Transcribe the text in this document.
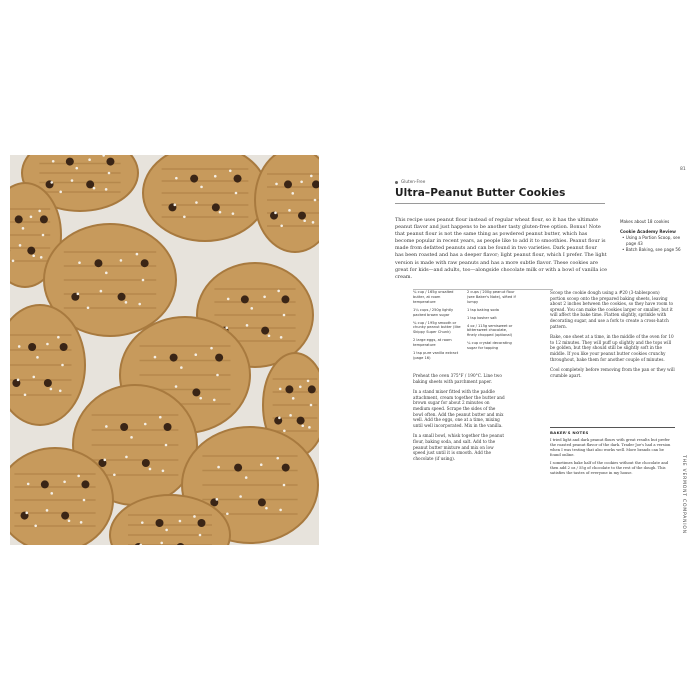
81
Gluten-Free
Ultra–Peanut Butter Cookies
This recipe uses peanut flour instead of regular wheat flour, so it has the ultimate peanut flavor and just happens to be another tasty gluten-free option. Bonus! Note that peanut flour is not the same thing as powdered peanut butter, which has become popular in recent years, as people like to add it to smoothies. Peanut flour is made from defatted peanuts and can be found in two varieties. Dark peanut flour has been roasted and has a deeper flavor; light peanut flour, which I prefer. The light version is made with raw peanuts and has a more subtle flavor. These cookies are great for kids—and adults, too—alongside chocolate milk or with a bowl of vanilla ice cream.
Makes about 18 cookies
Cookie Academy Review
• Using a Portion Scoop, see page 43
• Batch Baking, see page 56

¾ cup / 165g unsalted butter, at room temperature

1¼ cups / 250g lightly packed brown sugar

¾ cup / 195g smooth or chunky peanut butter (like Skippy Super Chunk)

2 large eggs, at room temperature

1 tsp pure vanilla extract (page 16)

2 cups / 200g peanut flour (see Baker's Note), sifted if lumpy

1 tsp baking soda

1 tsp kosher salt

4 oz / 115g semisweet or bittersweet chocolate, finely chopped (optional)

¼ cup crystal decorating sugar for topping

Preheat the oven 375°F / 190°C. Line two baking sheets with parchment paper.

In a stand mixer fitted with the paddle attachment, cream together the butter and brown sugar for about 2 minutes on medium speed. Scrape the sides of the bowl often. Add the peanut butter and mix well. Add the eggs, one at a time, mixing until well incorporated. Mix in the vanilla.

In a small bowl, whisk together the peanut flour, baking soda, and salt. Add to the peanut butter mixture and mix on low speed just until it is smooth. Add the chocolate (if using).

Scoop the cookie dough using a #20 (3-tablespoon) portion scoop onto the prepared baking sheets, leaving about 2 inches between the cookies, so they have room to spread. You can make the cookies larger or smaller, but it will affect the bake time. Flatten slightly, sprinkle with decorating sugar, and use a fork to create a cross-hatch pattern.

Bake, one sheet at a time, in the middle of the oven for 10 to 12 minutes. They will puff up slightly and the tops will be golden, but they should still be slightly soft in the middle. If you like your peanut butter cookies crunchy throughout, bake them for another couple of minutes.

Cool completely before removing from the pan or they will crumble apart.

BAKER'S NOTES

I tried light and dark peanut flours with great results but prefer the roasted peanut flavor of the dark. Trader Joe's had a version when I was testing that also works well. More brands can be found online.

I sometimes bake half of the cookies without the chocolate and then add 2 oz / 55g of chocolate to the rest of the dough. This satisfies the tastes of everyone in my house.	THE VERMONT COMPANION
